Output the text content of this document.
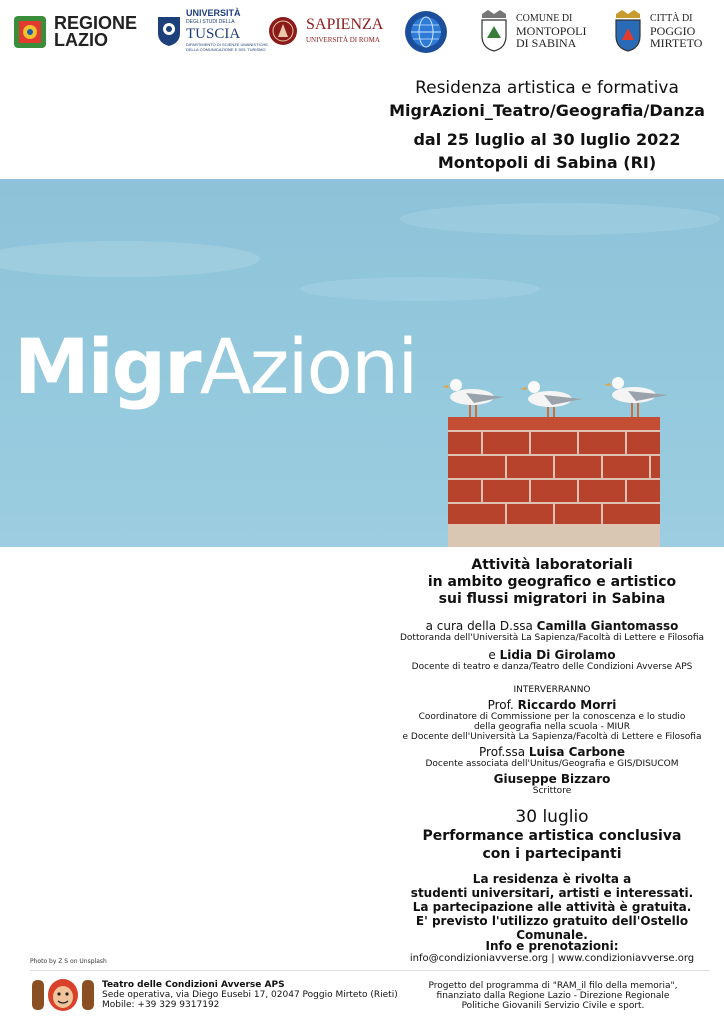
REGIONE
LAZIO
UNIVERSITÀ
DEGLI STUDI DELLA
TUSCIA
DIPARTIMENTO DI SCIENZE UMANISTICHE,
DELLA COMUNICAZIONE E DEL TURISMO
SAPIENZA
UNIVERSITÀ DI ROMA
COMUNE DI
MONTOPOLI
DI SABINA
CITTÀ DI
POGGIO
MIRTETO
Residenza artistica e formativa
MigrAzioni_Teatro/Geografia/Danza
dal 25 luglio al 30 luglio 2022
Montopoli di Sabina (RI)
MigrAzioni
Attività laboratoriali
in ambito geografico e artistico
sui flussi migratori in Sabina
a cura della D.ssa Camilla Giantomasso
Dottoranda dell'Università La Sapienza/Facoltà di Lettere e Filosofia
e Lidia Di Girolamo
Docente di teatro e danza/Teatro delle Condizioni Avverse APS
INTERVERRANNO
Prof. Riccardo Morri
Coordinatore di Commissione per la conoscenza e lo studio
della geografia nella scuola - MIUR
e Docente dell'Università La Sapienza/Facoltà di Lettere e Filosofia
Prof.ssa Luisa Carbone
Docente associata dell'Unitus/Geografia e GIS/DISUCOM
Giuseppe Bizzaro
Scrittore
30 luglio
Performance artistica conclusiva
con i partecipanti
La residenza è rivolta a
studenti universitari, artisti e interessati.
La partecipazione alle attività è gratuita.
E' previsto l'utilizzo gratuito dell'Ostello Comunale.
Info e prenotazioni:
info@condizioniavverse.org | www.condizioniavverse.org
Photo by Z S on Unsplash
Teatro delle Condizioni Avverse APS
Sede operativa, via Diego Eusebi 17, 02047 Poggio Mirteto (Rieti)
Mobile: +39 329 9317192
Progetto del programma di "RAM_il filo della memoria",
finanziato dalla Regione Lazio - Direzione Regionale
Politiche Giovanili Servizio Civile e sport.
